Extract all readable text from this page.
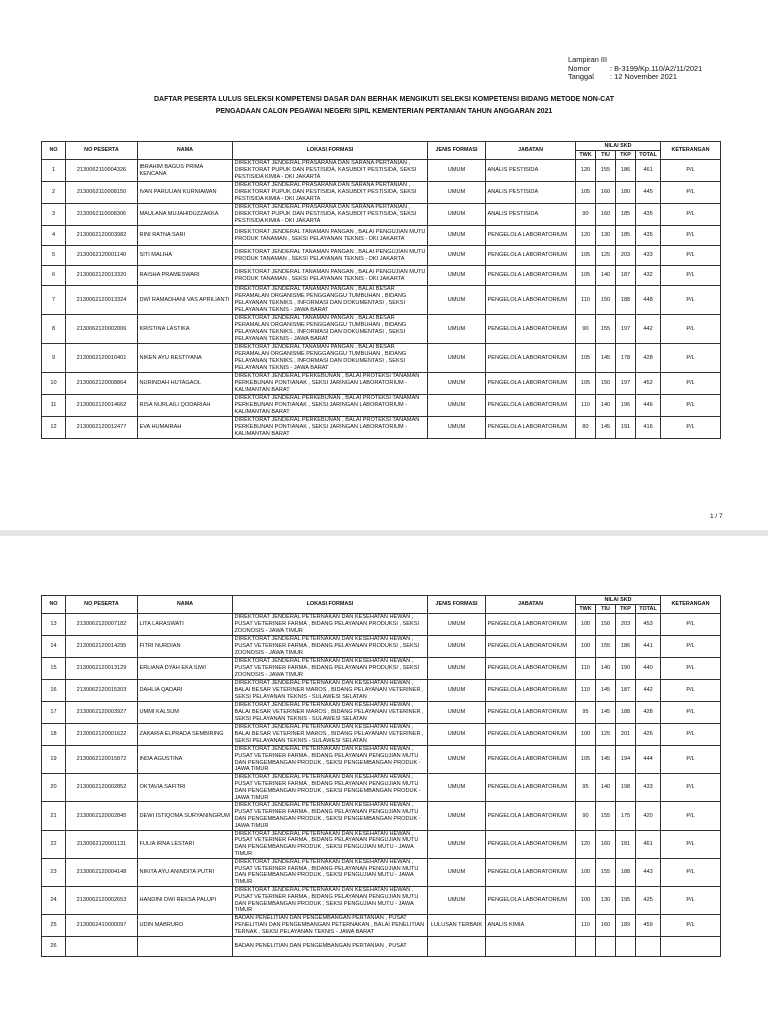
Lampiran III
Nomor	: B-3199/Kp.110/A2/11/2021
Tanggal	: 12 November 2021
DAFTAR PESERTA LULUS SELEKSI KOMPETENSI DASAR DAN BERHAK MENGIKUTI SELEKSI KOMPETENSI BIDANG METODE NON-CAT
PENGADAAN CALON PEGAWAI NEGERI SIPIL KEMENTERIAN PERTANIAN TAHUN ANGGARAN 2021
NO	NO PESERTA	NAMA	LOKASI FORMASI	JENIS FORMASI	JABATAN	NILAI SKD				KETERANGAN
						TWK	TIU	TKP	TOTAL	
1	2130062110004326	IBRAHIM BAGUS PRIMA KENCANA	DIREKTORAT JENDERAL PRASARANA DAN SARANA PERTANIAN , DIREKTORAT PUPUK DAN PESTISIDA, KASUBDIT PESTISIDA, SEKSI PESTISIDA KIMIA - DKI JAKARTA	UMUM	ANALIS PESTISIDA	120	155	186	461	P/L
2	2130062110008150	IVAN PARULIAN KURNIAWAN	DIREKTORAT JENDERAL PRASARANA DAN SARANA PERTANIAN , DIREKTORAT PUPUK DAN PESTISIDA, KASUBDIT PESTISIDA, SEKSI PESTISIDA KIMIA - DKI JAKARTA	UMUM	ANALIS PESTISIDA	105	160	180	445	P/L
3	2130062110008306	MAULANA MUJAHIDUZZAKKA	DIREKTORAT JENDERAL PRASARANA DAN SARANA PERTANIAN , DIREKTORAT PUPUK DAN PESTISIDA, KASUBDIT PESTISIDA, SEKSI PESTISIDA KIMIA - DKI JAKARTA	UMUM	ANALIS PESTISIDA	90	160	185	435	P/L
4	2130062120003982	RINI RATNA SARI	DIREKTORAT JENDERAL TANAMAN PANGAN , BALAI PENGUJIAN MUTU PRODUK TANAMAN , SEKSI PELAYANAN TEKNIS - DKI JAKARTA	UMUM	PENGELOLA LABORATORIUM	120	130	185	435	P/L
5	2130062120001140	SITI MALIHA	DIREKTORAT JENDERAL TANAMAN PANGAN , BALAI PENGUJIAN MUTU PRODUK TANAMAN , SEKSI PELAYANAN TEKNIS - DKI JAKARTA	UMUM	PENGELOLA LABORATORIUM	105	125	203	433	P/L
6	2130062120013320	RAISHA PRAMESWARI	DIREKTORAT JENDERAL TANAMAN PANGAN , BALAI PENGUJIAN MUTU PRODUK TANAMAN , SEKSI PELAYANAN TEKNIS - DKI JAKARTA	UMUM	PENGELOLA LABORATORIUM	105	140	187	432	P/L
7	2130062120013324	DWI RAMADHANI VAS APRILIANTI	DIREKTORAT JENDERAL TANAMAN PANGAN , BALAI BESAR PERAMALAN ORGANISME PENGGANGGU TUMBUHAN , BIDANG PELAYANAN TEKNIKS , INFORMASI DAN DOKUMENTASI , SEKSI PELAYANAN TEKNIS - JAWA BARAT	UMUM	PENGELOLA LABORATORIUM	110	150	188	448	P/L
8	2130062120002006	KRISTINA LASTIKA	DIREKTORAT JENDERAL TANAMAN PANGAN , BALAI BESAR PERAMALAN ORGANISME PENGGANGGU TUMBUHAN , BIDANG PELAYANAN TEKNIKS , INFORMASI DAN DOKUMENTASI , SEKSI PELAYANAN TEKNIS - JAWA BARAT	UMUM	PENGELOLA LABORATORIUM	90	155	197	442	P/L
9	2130062120010401	NIKEN AYU RESTIYANA	DIREKTORAT JENDERAL TANAMAN PANGAN , BALAI BESAR PERAMALAN ORGANISME PENGGANGGU TUMBUHAN , BIDANG PELAYANAN TEKNIKS , INFORMASI DAN DOKUMENTASI , SEKSI PELAYANAN TEKNIS - JAWA BARAT	UMUM	PENGELOLA LABORATORIUM	105	145	178	428	P/L
10	2130062120008864	NURINDAH HUTAGAOL	DIREKTORAT JENDERAL PERKEBUNAN , BALAI PROTEKSI TANAMAN PERKEBUNAN PONTIANAK , SEKSI JARINGAN LABORATORIUM - KALIMANTAN BARAT	UMUM	PENGELOLA LABORATORIUM	105	150	197	452	P/L
11	2130062120014662	RISA NURLAILI QODARIAH	DIREKTORAT JENDERAL PERKEBUNAN , BALAI PROTEKSI TANAMAN PERKEBUNAN PONTIANAK , SEKSI JARINGAN LABORATORIUM - KALIMANTAN BARAT	UMUM	PENGELOLA LABORATORIUM	110	140	196	446	P/L
12	2130062120012477	EVA HUMAIRAH	DIREKTORAT JENDERAL PERKEBUNAN , BALAI PROTEKSI TANAMAN PERKEBUNAN PONTIANAK , SEKSI JARINGAN LABORATORIUM - KALIMANTAN BARAT	UMUM	PENGELOLA LABORATORIUM	80	145	191	416	P/L
1 / 7
NO	NO PESERTA	NAMA	LOKASI FORMASI	JENIS FORMASI	JABATAN	NILAI SKD				KETERANGAN
						TWK	TIU	TKP	TOTAL	
13	2130062120007182	LITA LARASWATI	DIREKTORAT JENDERAL PETERNAKAN DAN KESEHATAN HEWAN , PUSAT VETERINER FARMA , BIDANG PELAYANAN PRODUKSI , SEKSI ZOONOSIS - JAWA TIMUR	UMUM	PENGELOLA LABORATORIUM	100	150	203	453	P/L
14	2130062120014295	FITRI NURDIAN	DIREKTORAT JENDERAL PETERNAKAN DAN KESEHATAN HEWAN , PUSAT VETERINER FARMA , BIDANG PELAYANAN PRODUKSI , SEKSI ZOONOSIS - JAWA TIMUR	UMUM	PENGELOLA LABORATORIUM	100	155	186	441	P/L
15	2130062120013129	ERLIANA DYAH EKA SIWI	DIREKTORAT JENDERAL PETERNAKAN DAN KESEHATAN HEWAN , PUSAT VETERINER FARMA , BIDANG PELAYANAN PRODUKSI , SEKSI ZOONOSIS - JAWA TIMUR	UMUM	PENGELOLA LABORATORIUM	110	140	190	440	P/L
16	2130062120015303	DAHLIA QADARI	DIREKTORAT JENDERAL PETERNAKAN DAN KESEHATAN HEWAN , BALAI BESAR VETERINER MAROS , BIDANG PELAYANAN VETERINER , SEKSI PELAYANAN TEKNIS - SULAWESI SELATAN	UMUM	PENGELOLA LABORATORIUM	110	145	187	442	P/L
17	2130062120003927	UMMI KALSUM	DIREKTORAT JENDERAL PETERNAKAN DAN KESEHATAN HEWAN , BALAI BESAR VETERINER MAROS , BIDANG PELAYANAN VETERINER , SEKSI PELAYANAN TEKNIS - SULAWESI SELATAN	UMUM	PENGELOLA LABORATORIUM	95	145	188	428	P/L
18	2130062120001622	ZAKARIA ELPRADA SEMBIRING	DIREKTORAT JENDERAL PETERNAKAN DAN KESEHATAN HEWAN , BALAI BESAR VETERINER MAROS , BIDANG PELAYANAN VETERINER , SEKSI PELAYANAN TEKNIS - SULAWESI SELATAN	UMUM	PENGELOLA LABORATORIUM	100	125	201	426	P/L
19	2130062120015872	INDA AGUSTINA	DIREKTORAT JENDERAL PETERNAKAN DAN KESEHATAN HEWAN , PUSAT VETERINER FARMA , BIDANG PELAYANAN PENGUJIAN MUTU DAN PENGEMBANGAN PRODUK , SEKSI PENGEMBANGAN PRODUK - JAWA TIMUR	UMUM	PENGELOLA LABORATORIUM	105	145	194	444	P/L
20	2130062120002852	OKTAVIA SAFITRI	DIREKTORAT JENDERAL PETERNAKAN DAN KESEHATAN HEWAN , PUSAT VETERINER FARMA , BIDANG PELAYANAN PENGUJIAN MUTU DAN PENGEMBANGAN PRODUK , SEKSI PENGEMBANGAN PRODUK - JAWA TIMUR	UMUM	PENGELOLA LABORATORIUM	95	140	198	433	P/L
21	2130062120002845	DEWI ISTIQOMA SURYANINGRUM	DIREKTORAT JENDERAL PETERNAKAN DAN KESEHATAN HEWAN , PUSAT VETERINER FARMA , BIDANG PELAYANAN PENGUJIAN MUTU DAN PENGEMBANGAN PRODUK , SEKSI PENGEMBANGAN PRODUK - JAWA TIMUR	UMUM	PENGELOLA LABORATORIUM	90	155	175	420	P/L
22	2130062120001131	FULIA IRNA LESTARI	DIREKTORAT JENDERAL PETERNAKAN DAN KESEHATAN HEWAN , PUSAT VETERINER FARMA , BIDANG PELAYANAN PENGUJIAN MUTU DAN PENGEMBANGAN PRODUK , SEKSI PENGUJIAN MUTU - JAWA TIMUR	UMUM	PENGELOLA LABORATORIUM	120	160	181	461	P/L
23	2130062120004148	NIKITA AYU ANINDITA PUTRI	DIREKTORAT JENDERAL PETERNAKAN DAN KESEHATAN HEWAN , PUSAT VETERINER FARMA , BIDANG PELAYANAN PENGUJIAN MUTU DAN PENGEMBANGAN PRODUK , SEKSI PENGUJIAN MUTU - JAWA TIMUR	UMUM	PENGELOLA LABORATORIUM	100	155	188	443	P/L
24	2130062120002653	HANDINI DWI REKSA PALUPI	DIREKTORAT JENDERAL PETERNAKAN DAN KESEHATAN HEWAN , PUSAT VETERINER FARMA , BIDANG PELAYANAN PENGUJIAN MUTU DAN PENGEMBANGAN PRODUK , SEKSI PENGUJIAN MUTU - JAWA TIMUR	UMUM	PENGELOLA LABORATORIUM	100	130	195	425	P/L
25	2130062410000097	UDIN MABRURO	BADAN PENELITIAN DAN PENGEMBANGAN PERTANIAN , PUSAT PENELITIAN DAN PENGEMBANGAN PETERNAKAN , BALAI PENELITIAN TERNAK , SEKSI PELAYANAN TEKNIS - JAWA BARAT	LULUSAN TERBAIK	ANALIS KIMIA	110	160	189	459	P/L
26			BADAN PENELITIAN DAN PENGEMBANGAN PERTANIAN , PUSAT							
